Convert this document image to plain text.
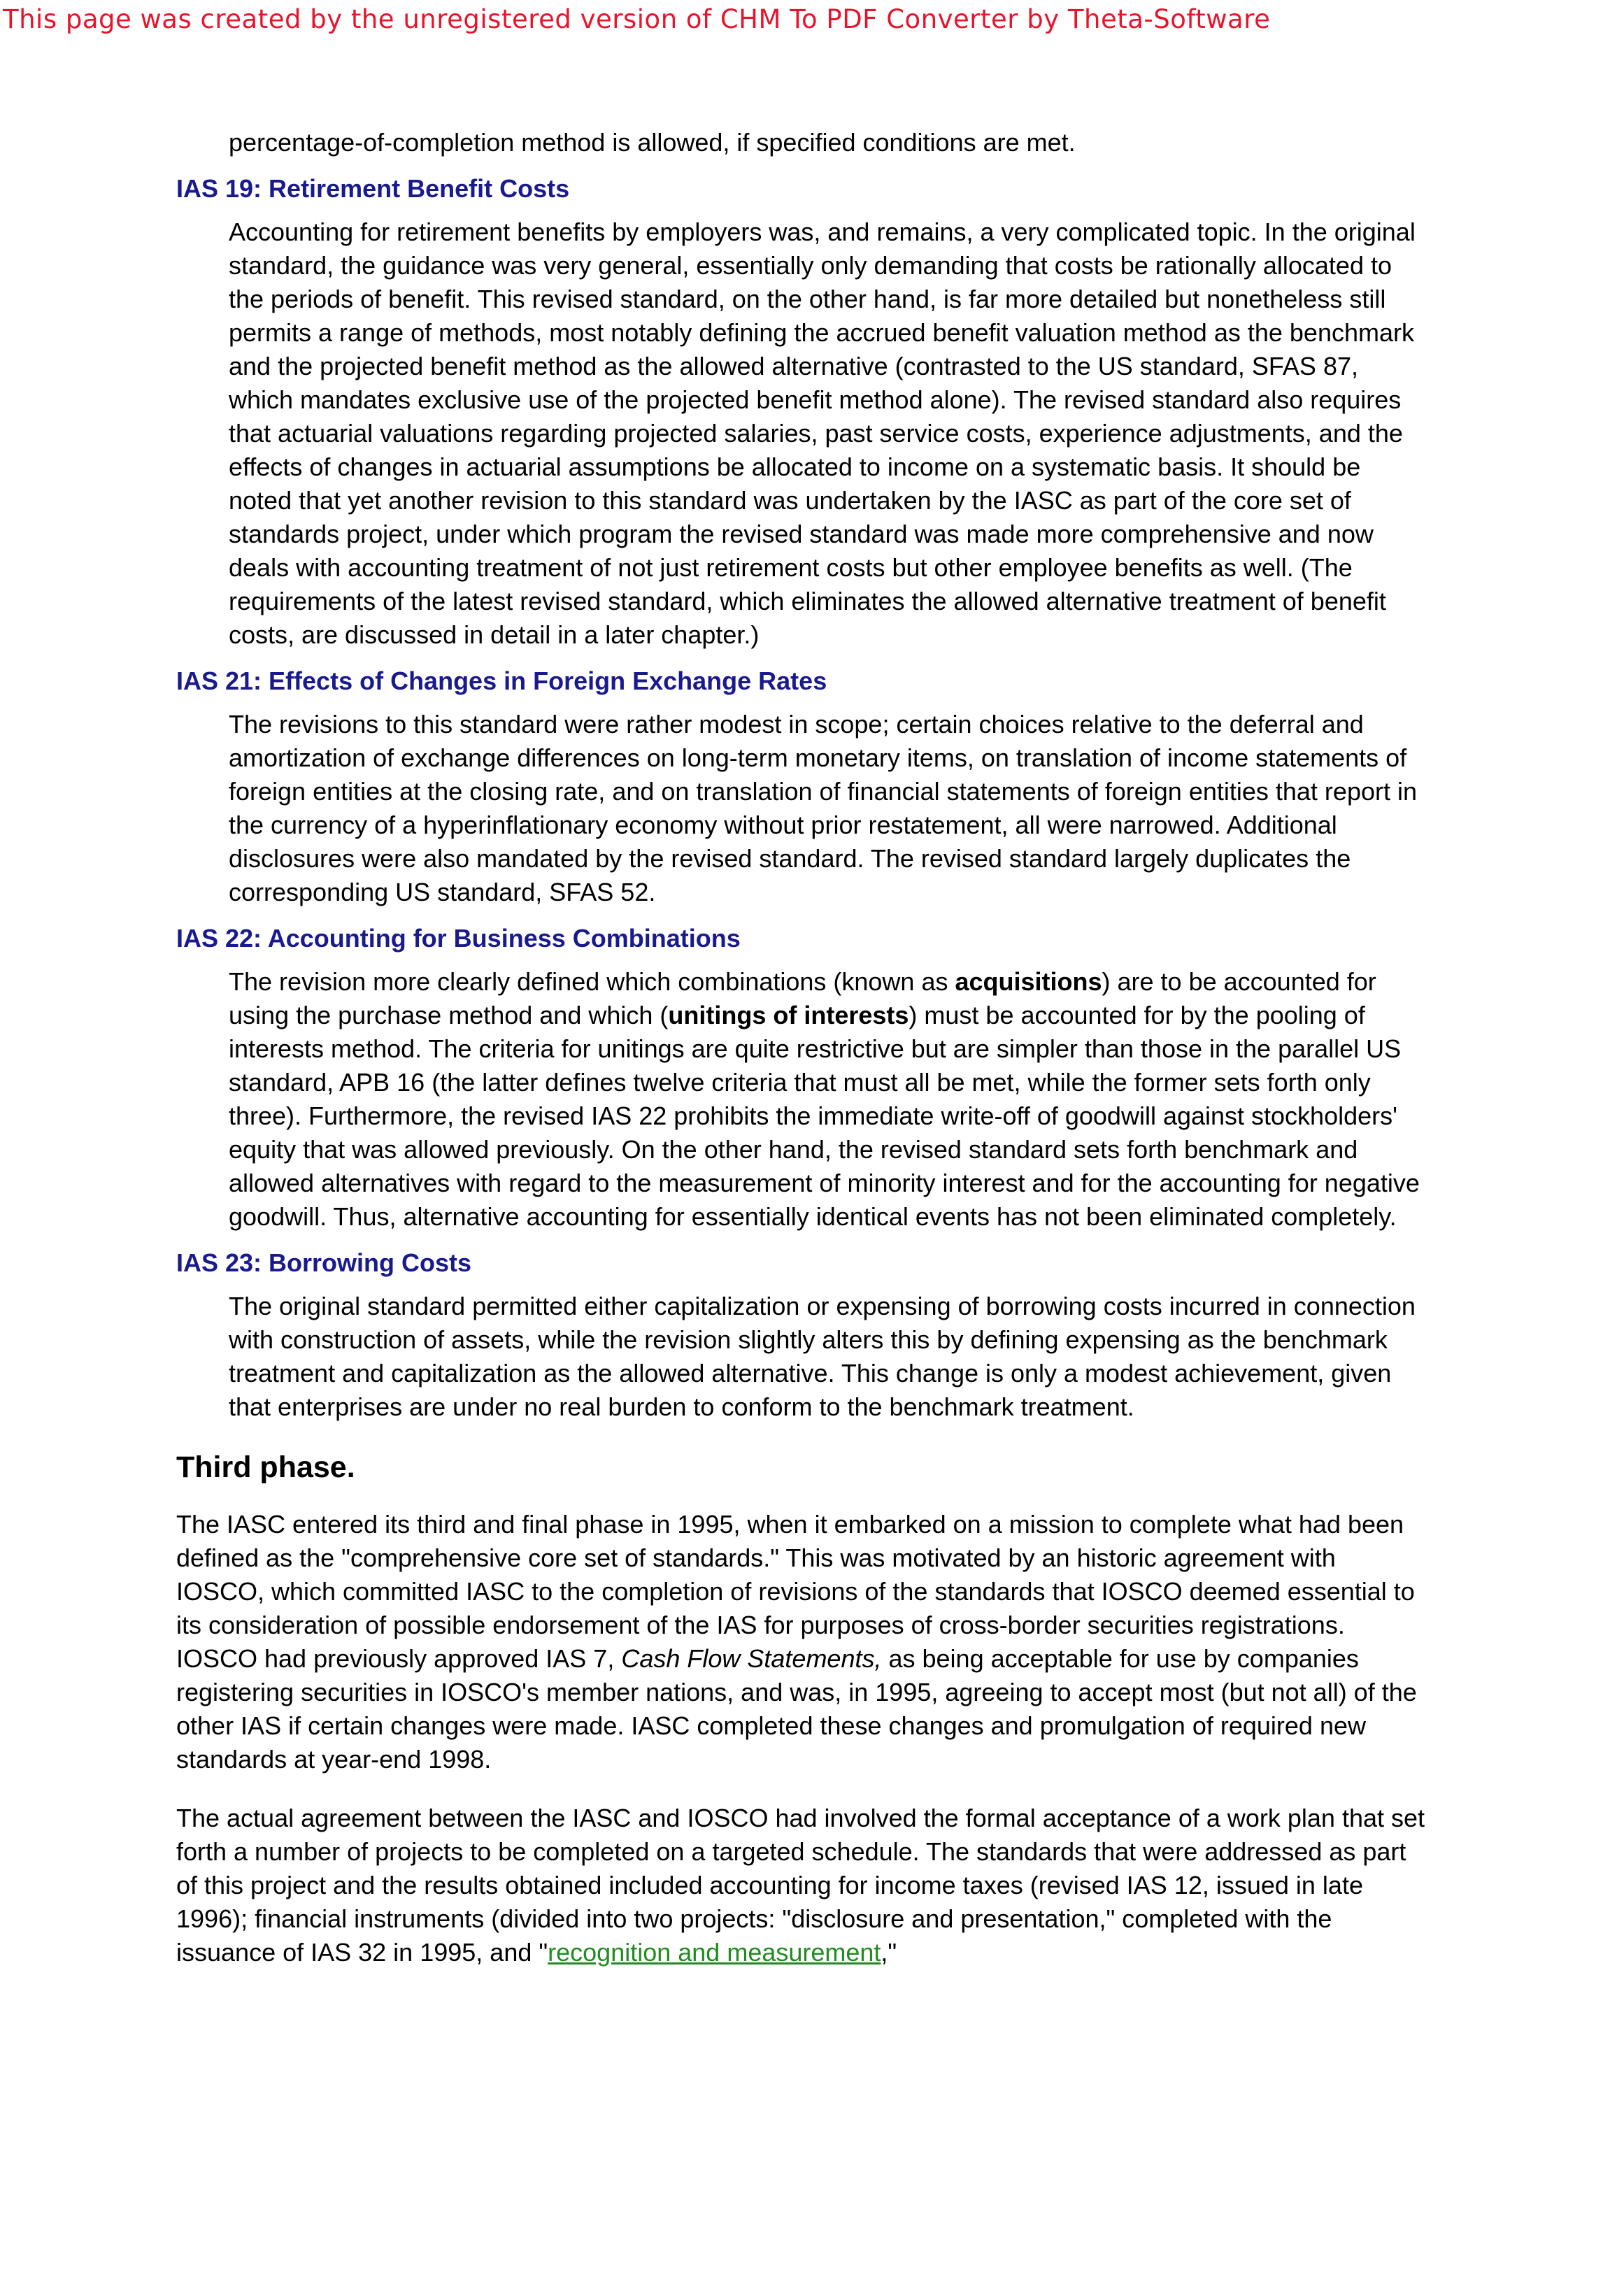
This page was created by the unregistered version of CHM To PDF Converter by Theta-Software

percentage-of-completion method is allowed, if specified conditions are met.

IAS 19: Retirement Benefit Costs

Accounting for retirement benefits by employers was, and remains, a very complicated topic. In the original standard, the guidance was very general, essentially only demanding that costs be rationally allocated to the periods of benefit. This revised standard, on the other hand, is far more detailed but nonetheless still permits a range of methods, most notably defining the accrued benefit valuation method as the benchmark and the projected benefit method as the allowed alternative (contrasted to the US standard, SFAS 87, which mandates exclusive use of the projected benefit method alone). The revised standard also requires that actuarial valuations regarding projected salaries, past service costs, experience adjustments, and the effects of changes in actuarial assumptions be allocated to income on a systematic basis. It should be noted that yet another revision to this standard was undertaken by the IASC as part of the core set of standards project, under which program the revised standard was made more comprehensive and now deals with accounting treatment of not just retirement costs but other employee benefits as well. (The requirements of the latest revised standard, which eliminates the allowed alternative treatment of benefit costs, are discussed in detail in a later chapter.)

IAS 21: Effects of Changes in Foreign Exchange Rates

The revisions to this standard were rather modest in scope; certain choices relative to the deferral and amortization of exchange differences on long-term monetary items, on translation of income statements of foreign entities at the closing rate, and on translation of financial statements of foreign entities that report in the currency of a hyperinflationary economy without prior restatement, all were narrowed. Additional disclosures were also mandated by the revised standard. The revised standard largely duplicates the corresponding US standard, SFAS 52.

IAS 22: Accounting for Business Combinations

The revision more clearly defined which combinations (known as acquisitions) are to be accounted for using the purchase method and which (unitings of interests) must be accounted for by the pooling of interests method. The criteria for unitings are quite restrictive but are simpler than those in the parallel US standard, APB 16 (the latter defines twelve criteria that must all be met, while the former sets forth only three). Furthermore, the revised IAS 22 prohibits the immediate write-off of goodwill against stockholders' equity that was allowed previously. On the other hand, the revised standard sets forth benchmark and allowed alternatives with regard to the measurement of minority interest and for the accounting for negative goodwill. Thus, alternative accounting for essentially identical events has not been eliminated completely.

IAS 23: Borrowing Costs

The original standard permitted either capitalization or expensing of borrowing costs incurred in connection with construction of assets, while the revision slightly alters this by defining expensing as the benchmark treatment and capitalization as the allowed alternative. This change is only a modest achievement, given that enterprises are under no real burden to conform to the benchmark treatment.

Third phase.

The IASC entered its third and final phase in 1995, when it embarked on a mission to complete what had been defined as the "comprehensive core set of standards." This was motivated by an historic agreement with IOSCO, which committed IASC to the completion of revisions of the standards that IOSCO deemed essential to its consideration of possible endorsement of the IAS for purposes of cross-border securities registrations. IOSCO had previously approved IAS 7, Cash Flow Statements, as being acceptable for use by companies registering securities in IOSCO's member nations, and was, in 1995, agreeing to accept most (but not all) of the other IAS if certain changes were made. IASC completed these changes and promulgation of required new standards at year-end 1998.

The actual agreement between the IASC and IOSCO had involved the formal acceptance of a work plan that set forth a number of projects to be completed on a targeted schedule. The standards that were addressed as part of this project and the results obtained included accounting for income taxes (revised IAS 12, issued in late 1996); financial instruments (divided into two projects: "disclosure and presentation," completed with the issuance of IAS 32 in 1995, and "recognition and measurement,"
